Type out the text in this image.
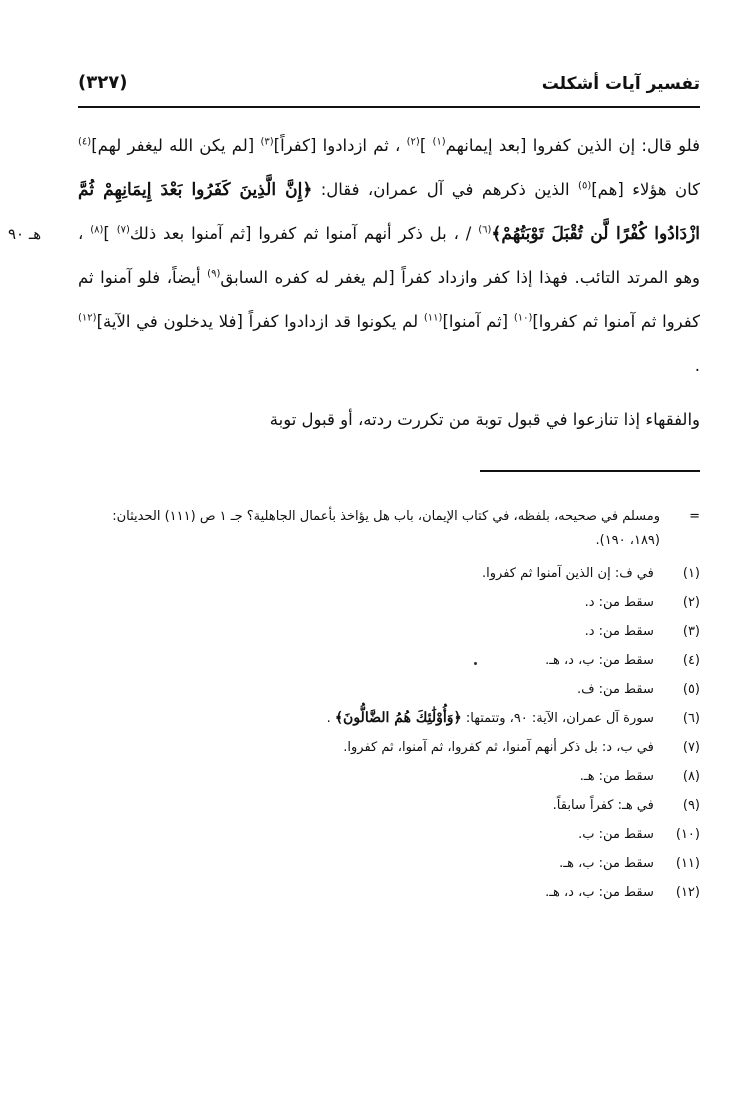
تفسير آيات أشكلت
(٣٢٧)
هـ ٩٠

فلو قال: إن الذين كفروا [بعد إيمانهم$^{(١)}$ ]$^{(٢)}$ ، ثم ازدادوا [كفراً]$^{(٣)}$ [لم يكن الله ليغفر لهم]$^{(٤)}$ كان هؤلاء [هم]$^{(٥)}$ الذين ذكرهم في آل عمران، فقال: ﴿إِنَّ الَّذِينَ كَفَرُوا بَعْدَ إِيمَانِهِمْ ثُمَّ ازْدَادُوا كُفْرًا لَّن تُقْبَلَ تَوْبَتُهُمْ﴾$^{(٦)}$ / ، بل ذكر أنهم آمنوا ثم كفروا [ثم آمنوا بعد ذلك$^{(٧)}$ ]$^{(٨)}$ ، وهو المرتد التائب. فهذا إذا كفر وازداد كفراً [لم يغفر له كفره السابق$^{(٩)}$ أيضاً، فلو آمنوا ثم كفروا ثم آمنوا ثم كفروا]$^{(١٠)}$ [ثم آمنوا]$^{(١١)}$ لم يكونوا قد ازدادوا كفراً [فلا يدخلون في الآية]$^{(١٢)}$ .

والفقهاء إذا تنازعوا في قبول توبة من تكررت ردته، أو قبول توبة

=
ومسلم في صحيحه، بلفظه، في كتاب الإيمان، باب هل يؤاخذ بأعمال الجاهلية؟ جـ ١ ص (١١١) الحديثان: (١٨٩، ١٩٠).
(١) في ف: إن الذين آمنوا ثم كفروا.
(٢) سقط من: د.
(٣) سقط من: د.
(٤) سقط من: ب، د، هـ.
(٥) سقط من: ف.
(٦) سورة آل عمران، الآية: ٩٠، وتتمتها: ﴿وَأُوْلَٰئِكَ هُمُ الضَّالُّونَ﴾ .
(٧) في ب، د: بل ذكر أنهم آمنوا، ثم كفروا، ثم آمنوا، ثم كفروا.
(٨) سقط من: هـ.
(٩) في هـ: كفراً سابقاً.
(١٠) سقط من: ب.
(١١) سقط من: ب، هـ.
(١٢) سقط من: ب، د، هـ.
